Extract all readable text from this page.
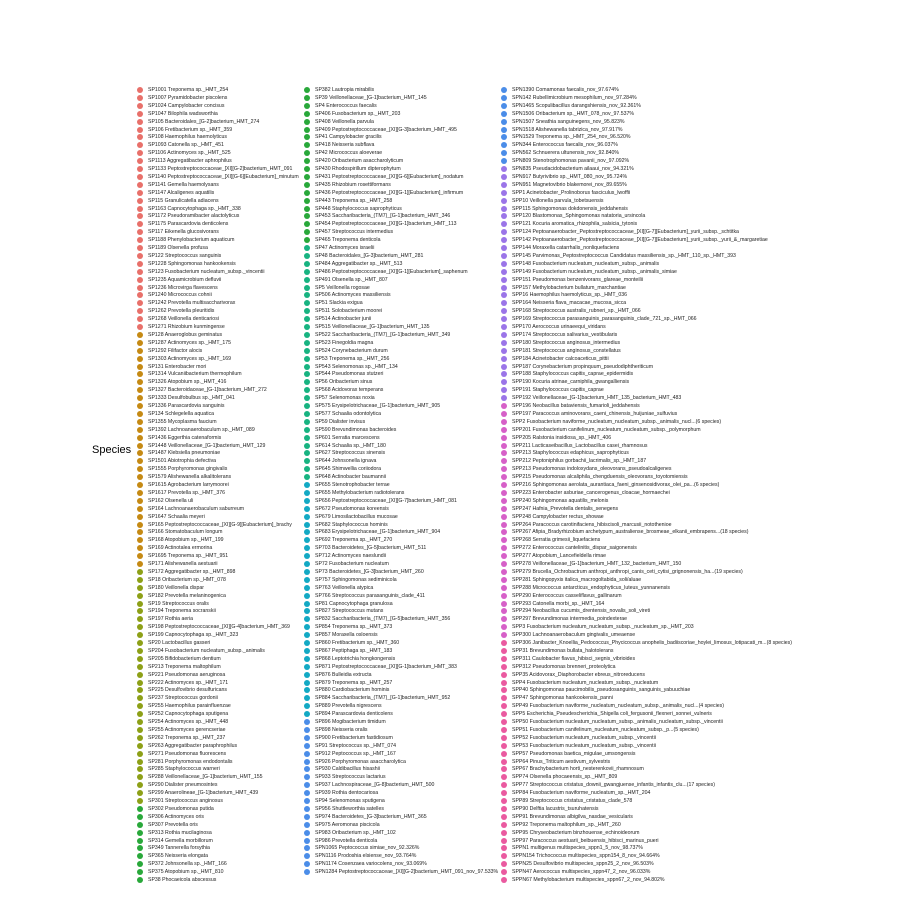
Species
SP1001 Treponema sp._HMT_254
SP1007 Pyramidobacter piscolens
SP1024 Campylobacter concisus
SP1047 Bilophila wadsworthia
SP105 Bacteroidales_[G-2]bacterium_HMT_274
SP106 Fretibacterium sp._HMT_359
SP108 Haemophilus haemolyticus
SP1093 Catonella sp._HMT_451
SP1106 Actinomyces sp._HMT_525
SP1113 Aggregatibacter aphrophilus
SP1133 Peptostreptococcaceae_[XI][G-2]bacterium_HMT_091
SP1140 Peptostreptococcaceae_[XI][G-6][Eubacterium]_minutum
SP1141 Gemella haemolysans
SP1147 Alcaligenes aquatilis
SP115 Granulicatella adiacens
SP1163 Capnocytophaga sp._HMT_338
SP1172 Pseudoramibacter alactolyticus
SP1175 Parascardovia denticolens
SP117 Eikenella glucosivorans
SP1188 Phenylobacterium aquaticum
SP1189 Olsenella profusa
SP122 Streptococcus sanguinis
SP1228 Sphingomonas hankookensis
SP123 Fusobacterium nucleatum_subsp._vincentii
SP1235 Aquamicrobium defluvii
SP1236 Microvirga flavescens
SP1240 Micrococcus cohnii
SP1242 Prevotella multisaccharivorax
SP1262 Prevotella pleuritidis
SP1268 Veillonella denticariosi
SP1271 Rhizobium kunmingense
SP128 Anaeroglobus geminatus
SP1287 Actinomyces sp._HMT_175
SP1292 Filifactor alocis
SP1303 Actinomyces sp._HMT_169
SP131 Enterobacter mori
SP1314 Vulcaniibacterium thermophilum
SP1326 Atopobium sp._HMT_416
SP1327 Bacteroidaceae_[G-1]bacterium_HMT_272
SP1333 Desulfobulbus sp._HMT_041
SP1336 Parascardovia sanguinis
SP134 Schlegelella aquatica
SP1355 Mycoplasma faucium
SP1392 Lachnoanaerobaculum sp._HMT_089
SP1436 Eggerthia catenaformis
SP1448 Veillonellaceae_[G-1]bacterium_HMT_129
SP1487 Klebsiella pneumoniae
SP1501 Abiotrophia defectiva
SP1555 Porphyromonas gingivalis
SP1579 Alishewanella alkalitolerans
SP1615 Agrobacterium larrymoorei
SP1617 Prevotella sp._HMT_376
SP162 Olsenella uli
SP164 Lachnoanaerobaculum saburreum
SP1647 Schaalia meyeri
SP165 Peptostreptococcaceae_[XI][G-9][Eubacterium]_brachy
SP166 Stomatobaculum longum
SP168 Atopobium sp._HMT_199
SP169 Actinotalea ermorina
SP1695 Treponema sp._HMT_951
SP171 Alishewanella aestuarii
SP172 Aggregatibacter sp._HMT_898
SP18 Oribacterium sp._HMT_078
SP180 Veillonella dispar
SP182 Prevotella melaninogenica
SP19 Streptococcus oralis
SP194 Treponema socranskii
SP197 Rothia aeria
SP198 Peptostreptococcaceae_[XI][G-4]bacterium_HMT_369
SP199 Capnocytophaga sp._HMT_323
SP20 Lactobacillus gasseri
SP204 Fusobacterium nucleatum_subsp._animalis
SP205 Bifidobacterium dentium
SP213 Treponema maltophilum
SP221 Pseudomonas aeruginosa
SP222 Actinomyces sp._HMT_171
SP225 Desulfovibrio desulfuricans
SP237 Streptococcus gordonii
SP255 Haemophilus parainfluenzae
SP252 Capnocytophaga sputigena
SP254 Actinomyces sp._HMT_448
SP255 Actinomyces gerencseriae
SP262 Treponema sp._HMT_237
SP263 Aggregatibacter paraphrophilus
SP271 Pseudomonas fluorescens
SP281 Porphyromonas endodontalis
SP285 Staphylococcus warneri
SP288 Veillonellaceae_[G-1]bacterium_HMT_155
SP290 Dialister pneumosintes
SP299 Anaerolineae_[G-1]bacterium_HMT_439
SP301 Streptococcus anginosus
SP302 Pseudomonas putida
SP306 Actinomyces oris
SP307 Prevotella oris
SP313 Rothia mucilaginosa
SP314 Gemella morbillorum
SP349 Tannerella forsythia
SP365 Neisseria elongata
SP372 Johnsonella sp._HMT_166
SP375 Atopobium sp._HMT_810
SP38 Phocaeicola abscessus
SP382 Lautropia mirabilis
SP39 Veillonellaceae_[G-1]bacterium_HMT_145
SP4 Enterococcus faecalis
SP406 Fusobacterium sp._HMT_203
SP408 Veillonella parvula
SP409 Peptostreptococcaceae_[XI][G-3]bacterium_HMT_495
SP41 Campylobacter gracilis
SP418 Neisseria subflava
SP42 Micrococcus aloeverae
SP420 Oribacterium asaccharolyticum
SP430 Rhodospirillum dipterophytum
SP431 Peptostreptococcaceae_[XI][G-6][Eubacterium]_nodatum
SP435 Rhizobium rosettiformans
SP436 Peptostreptococcaceae_[XI][G-1][Eubacterium]_infirmum
SP443 Treponema sp._HMT_258
SP448 Staphylococcus saprophyticus
SP453 Saccharibacteria_(TM7)_[G-1]bacterium_HMT_346
SP454 Peptostreptococcaceae_[XI][G-1]bacterium_HMT_113
SP457 Streptococcus intermedius
SP465 Treponema denticola
SP47 Actinomyces israelii
SP48 Bacteroidales_[G-3]bacterium_HMT_281
SP484 Aggregatibacter sp._HMT_513
SP486 Peptostreptococcaceae_[XI][G-1][Eubacterium]_saphenum
SP491 Olsenella sp._HMT_807
SP5 Veillonella rogosae
SP506 Actinomyces massiliensis
SP51 Slackia exigua
SP511 Solobacterium moorei
SP514 Actinobacter junii
SP515 Veillonellaceae_[G-1]bacterium_HMT_135
SP522 Saccharibacteria_(TM7)_[G-1]bacterium_HMT_349
SP523 Finegoldia magna
SP524 Corynebacterium durum
SP53 Treponema sp._HMT_256
SP543 Selenomonas sp._HMT_134
SP544 Pseudomonas stutzeri
SP56 Oribacterium sinus
SP568 Acidovorax temperans
SP57 Selenomonas noxia
SP575 Erysipelotrichaceae_[G-1]bacterium_HMT_905
SP577 Schaalia odontolytica
SP59 Dialister invisus
SP590 Brevundimonas bacteroides
SP601 Serratia marcescens
SP614 Schaalia sp._HMT_180
SP627 Streptococcus sinensis
SP644 Johnsonella ignava
SP645 Shimwellia coriiodora
SP648 Actinobacter baumannii
SP655 Stenotrophobacter terrae
SP655 Methylobacterium radiotolerans
SP656 Peptostreptococcaceae_[XI][G-7]bacterium_HMT_081
SP672 Pseudomonas koreensis
SP679 Limosilactobacillus mucosae
SP682 Staphylococcus hominis
SP683 Erysipelotrichaceae_[G-1]bacterium_HMT_904
SP692 Treponema sp._HMT_270
SP703 Bacteroidetes_[G-5]bacterium_HMT_511
SP712 Actinomyces naeslundii
SP72 Fusobacterium nucleatum
SP73 Bacteroidetes_[G-3]bacterium_HMT_260
SP757 Sphingomonas sediminicola
SP763 Veillonella atypica
SP766 Streptococcus parasanguinis_clade_411
SP81 Capnocytophaga granulosa
SP827 Streptococcus mutans
SP832 Saccharibacteria_(TM7)_[G-5]bacterium_HMT_356
SP854 Treponema sp._HMT_373
SP857 Moraxella osloensis
SP860 Fretibacterium sp._HMT_360
SP867 Peptiphaga sp._HMT_183
SP868 Leptotrichia hongkongensis
SP871 Peptostreptococcaceae_[XI][G-1]bacterium_HMT_383
SP876 Bulleidia extructa
SP879 Treponema sp._HMT_257
SP880 Cardiobacterium hominis
SP884 Saccharibacteria_(TM7)_[G-1]bacterium_HMT_952
SP889 Prevotella nigrescens
SP894 Parascardovia denticolens
SP896 Mogibacterium timidum
SP898 Neisseria oralis
SP900 Fretibacterium fastidiosum
SP91 Streptococcus sp._HMT_074
SP912 Peptococcus sp._HMT_167
SP926 Porphyromonas asaccharolytica
SP930 Caldibacillus hisashii
SP933 Streptococcus lactarius
SP937 Lachnospiraceae_[G-8]bacterium_HMT_500
SP939 Rothia dentocariosa
SP94 Selenomonas sputigena
SP956 Shuttleworthia satelles
SP974 Bacteroidetes_[G-3]bacterium_HMT_365
SP975 Aeromonas piscicola
SP983 Oribacterium sp._HMT_102
SP986 Prevotella denticola
SPN1065 Peptococcus simiae_nov_92.326%
SPN1116 Prodoshia elsiense_nov_93.764%
SPN1174 Cosenzaea variocolens_nov_93.069%
SPN1284 Peptostreptococcaceae_[XI][G-2]bacterium_HMT_091_nov_97.533%
SPN1390 Comamonas faecalis_nov_97.674%
SPN142 Rubellimicrobium mesophilum_nov_97.284%
SPN1465 Scopulibacillus darangshiensis_nov_92.361%
SPN1506 Oribacterium sp._HMT_078_nov_97.537%
SPN1507 Sneathia sanguinegens_nov_95.823%
SPN1518 Alishewanella tabrizica_nov_97.917%
SPN1529 Treponema sp._HMT_254_nov_96.520%
SPN344 Enterococcus faecalis_nov_96.037%
SPN562 Schnuerera ultunensis_nov_92.840%
SPN809 Stenotrophomonas pavanii_nov_97.092%
SPN835 Pseudacidobacterium ailaaui_nov_94.321%
SPN917 Butyrivibrio sp._HMT_080_nov_95.724%
SPN951 Magnetovibrio blakemorei_nov_89.655%
SPP1 Acinetobacter_Prolinoborus fasciculus_lwoffii
SPP10 Veillonella parvula_tobetsuensis
SPP115 Sphingomonas dokdonensis_jeddahensis
SPP120 Blastomonas_Sphingomonas natatoria_ursincola
SPP121 Kocuria aromatica_rhizophila_salsicia_tytonis
SPP124 Peptoanaerobacter_Peptostreptococcaceae_[XI][G-7][Eubacterium]_yurii_subsp._schtitka
SPP142 Peptoanaerobacter_Peptostreptococcaceae_[XI][G-7][Eubacterium]_yurii_subsp._yurii_&_margaretiae
SPP144 Moraxella catarrhalis_nonliquefaciens
SPP145 Parvimonas_Peptostreptococcus Candidatus massiliensis_sp._HMT_110_sp._HMT_393
SPP148 Fusobacterium nucleatum_nucleatum_subsp._animalis
SPP149 Fusobacterium nucleatum_nucleatum_subsp._animalis_simiae
SPP151 Pseudomonas benzenivorans_glareae_monteilii
SPP157 Methylobacterium bullatum_marchantiae
SPP16 Haemophilus haemolyticus_sp._HMT_036
SPP164 Neisseria flava_macacae_mucosa_sicca
SPP168 Streptococcus australis_rubneri_sp._HMT_066
SPP169 Streptococcus parasanguinis_parasanguinis_clade_721_sp._HMT_066
SPP170 Aerococcus urinaeequi_viridans
SPP174 Streptococcus salivarius_vestibularis
SPP180 Streptococcus anginosus_intermedius
SPP181 Streptococcus anginosus_constellatus
SPP184 Acinetobacter calcoaceticus_pittii
SPP187 Corynebacterium propinquum_pseudodiphtheriticum
SPP188 Staphylococcus capitis_caprae_epidermidis
SPP190 Kocuria atrinae_carniphila_gwangalliensis
SPP191 Staphylococcus capitis_caprae
SPP192 Veillonellaceae_[G-1]bacterium_HMT_135_bacterium_HMT_483
SPP196 Neobacillus bataviensis_fumarioli_jeddahensis
SPP197 Paracoccus aminovorans_caeni_chinensis_huijuniae_sulfuvius
SPP2 Fusobacterium naviforme_nucleatum_nucleatum_subsp._animalis_nucl...(6 species)
SPP201 Fusobacterium canifelinum_nucleatum_nucleatum_subsp._polymorphum
SPP205 Ralstonia insidiosa_sp._HMT_406
SPP211 Lacticaseibacillus_Lactobacillus casei_rhamnosus
SPP213 Staphylococcus edaphicus_saprophyticus
SPP212 Peptoniphilus gorbachii_lacrimalis_sp._HMT_187
SPP213 Pseudomonas indoloxydans_oleovorans_pseudoalcaligenes
SPP215 Pseudomonas alcaliphila_chengduensis_oleovorans_toyotomiensis
SPP216 Sphingomonas aerolata_aurantiaca_faeni_ginsenosidivorax_olei_pa...(6 species)
SPP223 Enterobacter asburiae_cancerogenus_cloacae_hormaechei
SPP240 Sphingomonas aquatilis_melonis
SPP247 Hafnia_Prevotella dentalis_senegens
SPP248 Campylobacter rectus_showae
SPP264 Paracoccus carotinifaciens_hibiscisoli_marcusii_notothenioe
SPP267 Afipia_Bradyrhizobium archetypum_australiense_brosmeae_elkanii_embrapens...(18 species)
SPP268 Serratia grimesii_liquefaciens
SPP272 Enterococcus cantelinitis_dispar_saigonensis
SPP277 Atopobium_Lancefieldella rimae
SPP278 Veillonellaceae_[G-1]bacterium_HMT_132_bacterium_HMT_150
SPP279 Brucella_Ochrobactrum anthropi_anthropi_canis_ceti_cytisi_grignonensis_ha...(19 species)
SPP281 Sphingopyxis italica_macrogoltabida_soli/aluae
SPP288 Micrococcus antarcticus_endophyticus_luteus_yunnanensis
SPP290 Enterococcus casseliflavus_gallinarum
SPP293 Catonella morbi_sp._HMT_164
SPP294 Neobacillus cucumis_drentensis_novalis_soli_vireti
SPP297 Brevundimonas intermedia_poindexterae
SPP3 Fusobacterium nucleatum_nucleatum_subsp._nucleatum_sp._HMT_203
SPP300 Lachnoanaerobaculum gingivalis_umeaense
SPP306 Janibacter_Knoellia_Pedococcus_Phycicoccus anophelis_badiiscoriae_hoylei_limosus_lotipacati_m...(8 species)
SPP31 Brevundimonas bullata_halotolerans
SPP311 Caulobacter flavus_hibisci_segnis_vibrioides
SPP312 Pseudomonas brenneri_proteolytica
SPP35 Acidovorax_Diaphorobacter ebreus_nitroreducens
SPP4 Fusobacterium nucleatum_nucleatum_subsp._nucleatum
SPP40 Sphingomonas paucimobilis_pseudosanguinis_sanguinis_yabuuchiae
SPP47 Sphingomonas hankookensis_panni
SPP49 Fusobacterium naviforme_nucleatum_nucleatum_subsp._animalis_nucl...(4 species)
SPP5 Escherichia_Pseudescherichia_Shigella coli_fergusonii_flexneri_sonnei_vulneris
SPP50 Fusobacterium nucleatum_nucleatum_subsp._animalis_nucleatum_subsp._vincentii
SPP51 Fusobacterium canifelinum_nucleatum_nucleatum_subsp._p...(5 species)
SPP52 Fusobacterium nucleatum_nucleatum_subsp._vincentii
SPP53 Fusobacterium nucleatum_nucleatum_subsp._vincentii
SPP57 Pseudomonas baetica_migulae_umsongensis
SPP64 Pinus_Triticum aestivum_sylvestris
SPP67 Brachybacterium horti_nesterenkovii_rhamnosum
SPP74 Olsenella phocaeensis_sp._HMT_809
SPP77 Streptococcus cristatus_downii_gwangjuense_infantis_infantis_clu...(17 species)
SPP84 Fusobacterium naviforme_nucleatum_sp._HMT_204
SPP89 Streptococcus cristatus_cristatus_clade_578
SPP90 Delftia lacustris_tsuruhatensis
SPP91 Brevundimonas albigilva_nasdae_vesicularis
SPP92 Treponema maltophilum_sp._HMT_260
SPP95 Chryseobacterium binzhouense_echinoideorum
SPP97 Paracoccus aestuarii_beibuensis_hibisci_marinus_pueri
SPPN1 multigenus multispecies_sppn1_5_nov_98.737%
SPPN154 Trichococcus multispecies_sppn154_8_nov_94.664%
SPPN25 Desulfovibrio multispecies_sppn25_2_nov_96.503%
SPPN47 Aerococcus multispecies_sppn47_2_nov_96.033%
SPPN67 Methylobacterium multispecies_sppn67_2_nov_94.802%
